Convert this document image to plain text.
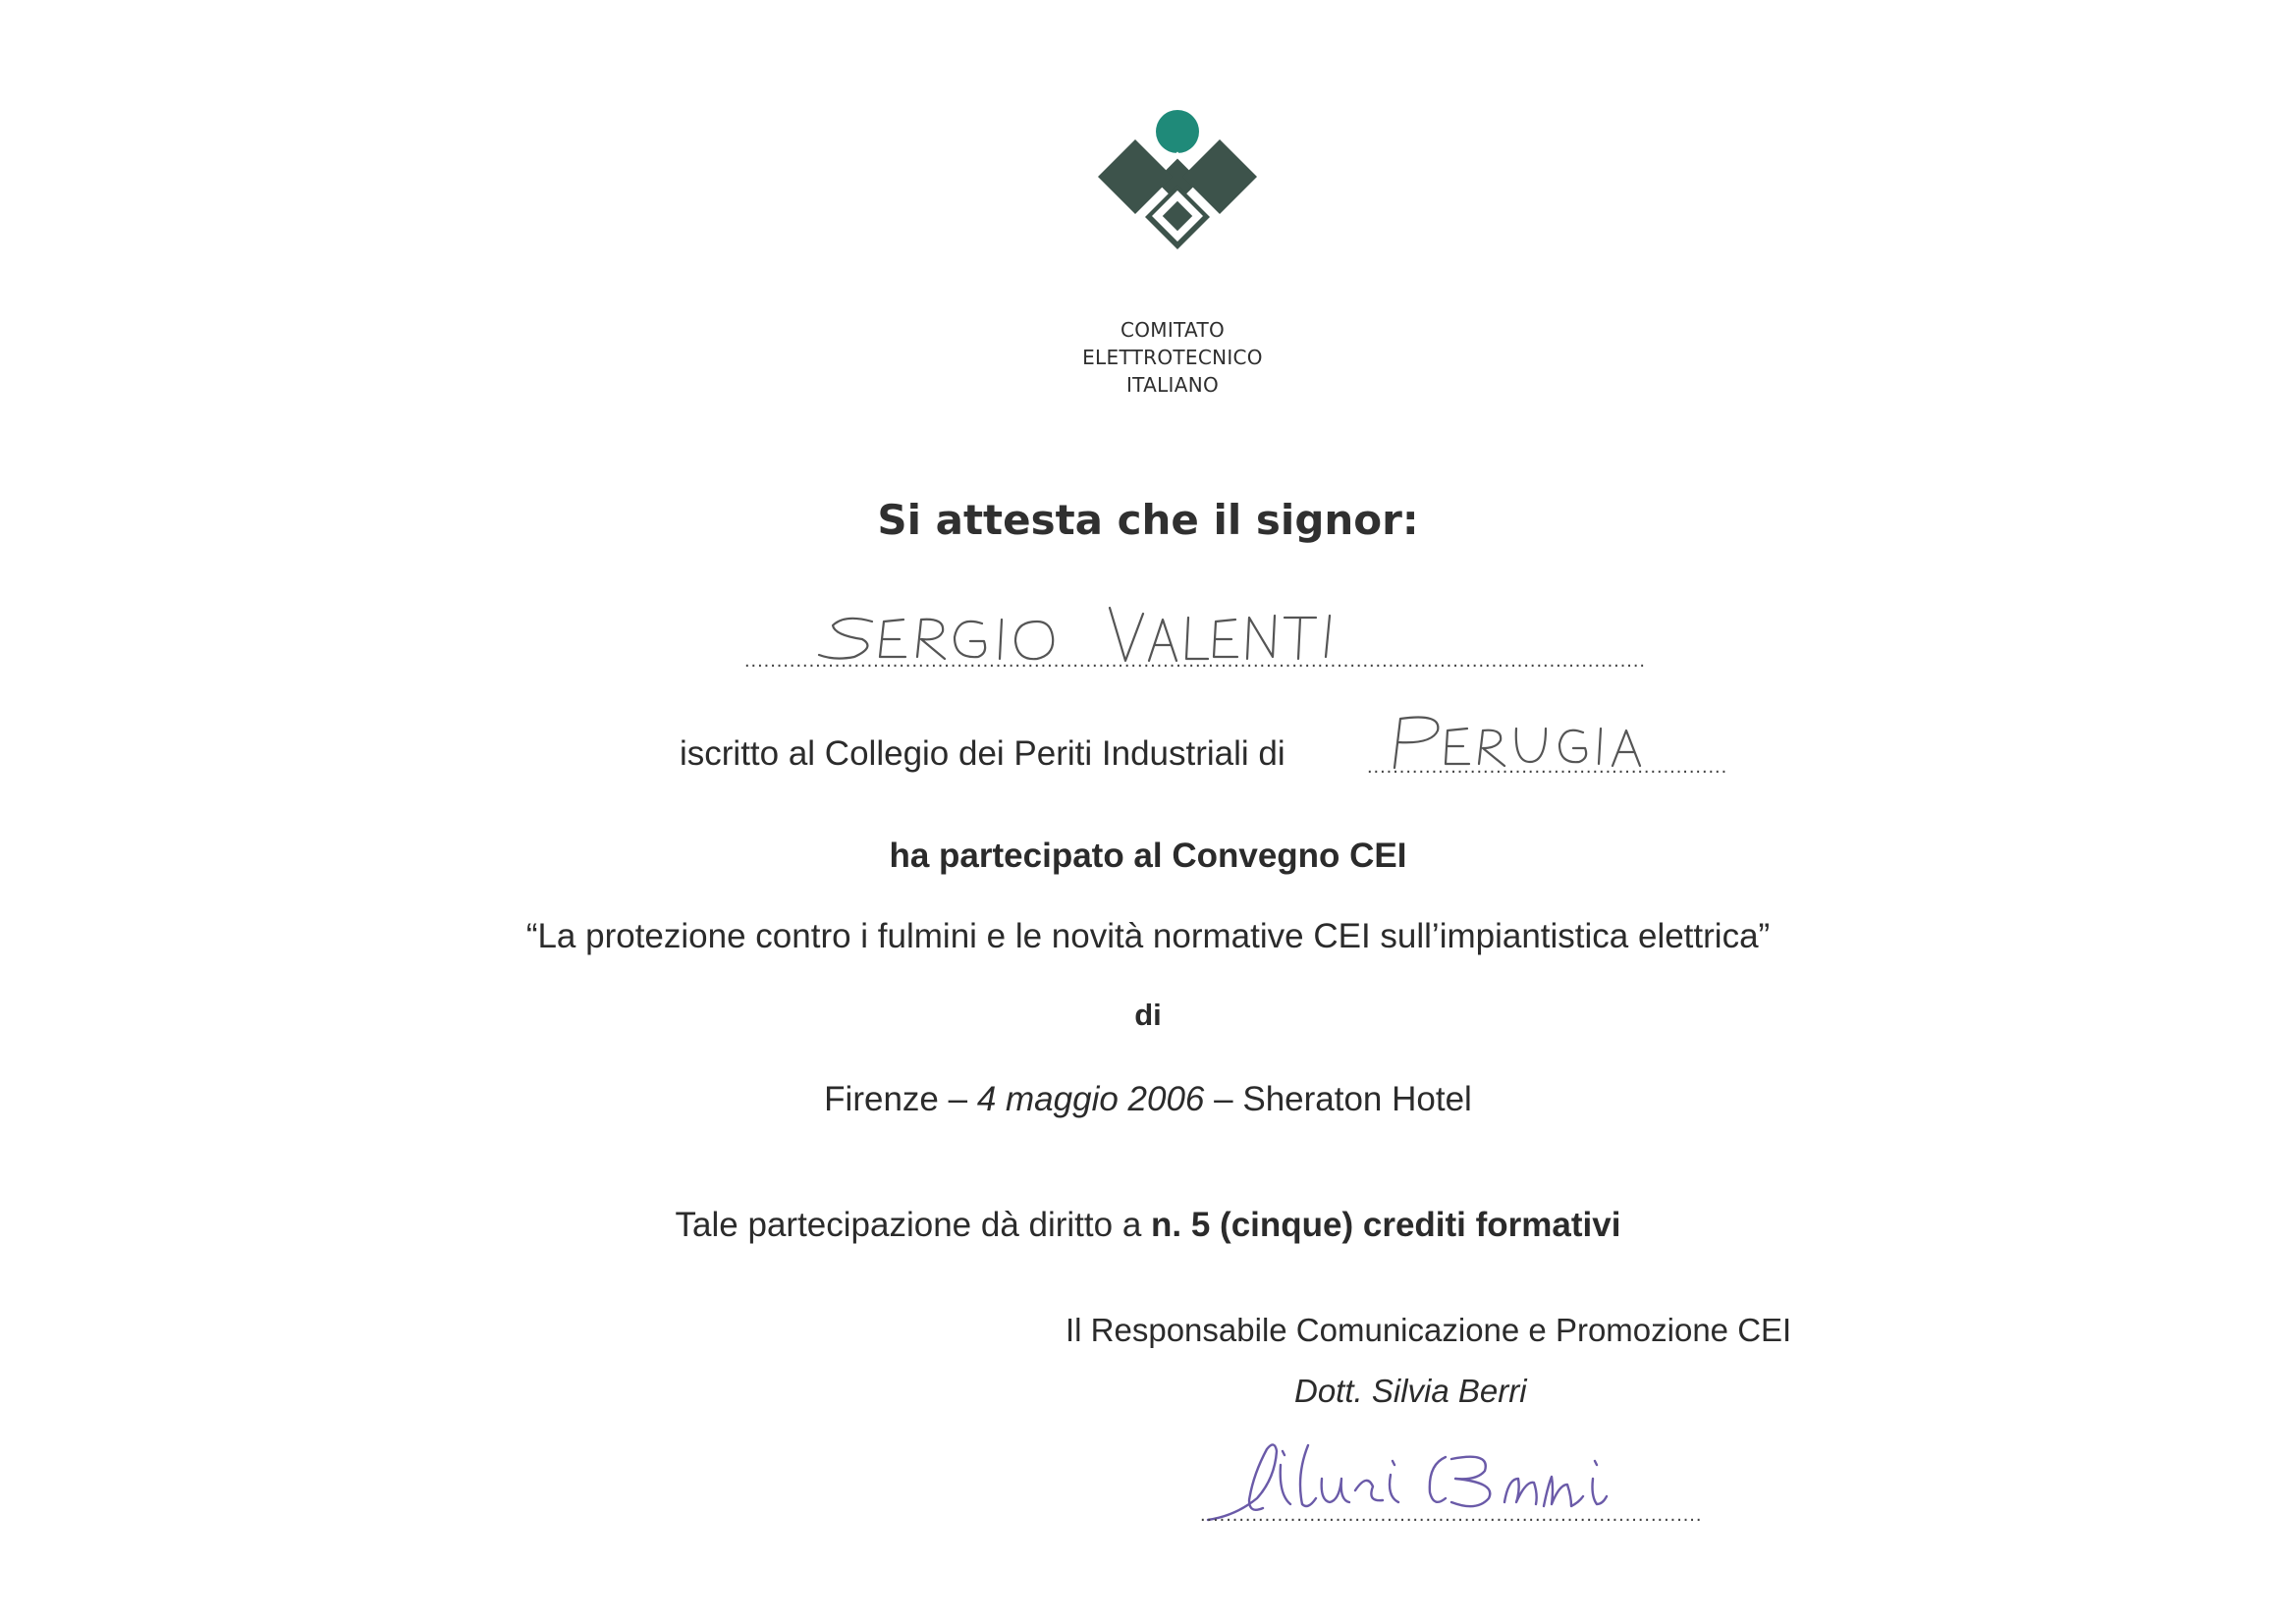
COMITATO
ELETTROTECNICO
ITALIANO
Si attesta che il signor:
............................................................................................................................................
iscritto al Collegio dei Periti Industriali di	........................................................
ha partecipato al Convegno CEI
“La protezione contro i fulmini e le novità normative CEI sull’impiantistica elettrica”
di
Firenze – 4 maggio 2006 – Sheraton Hotel
Tale partecipazione dà diritto a n. 5 (cinque) crediti formativi
Il Responsabile Comunicazione e Promozione CEI
Dott. Silvia Berri
..............................................................................
